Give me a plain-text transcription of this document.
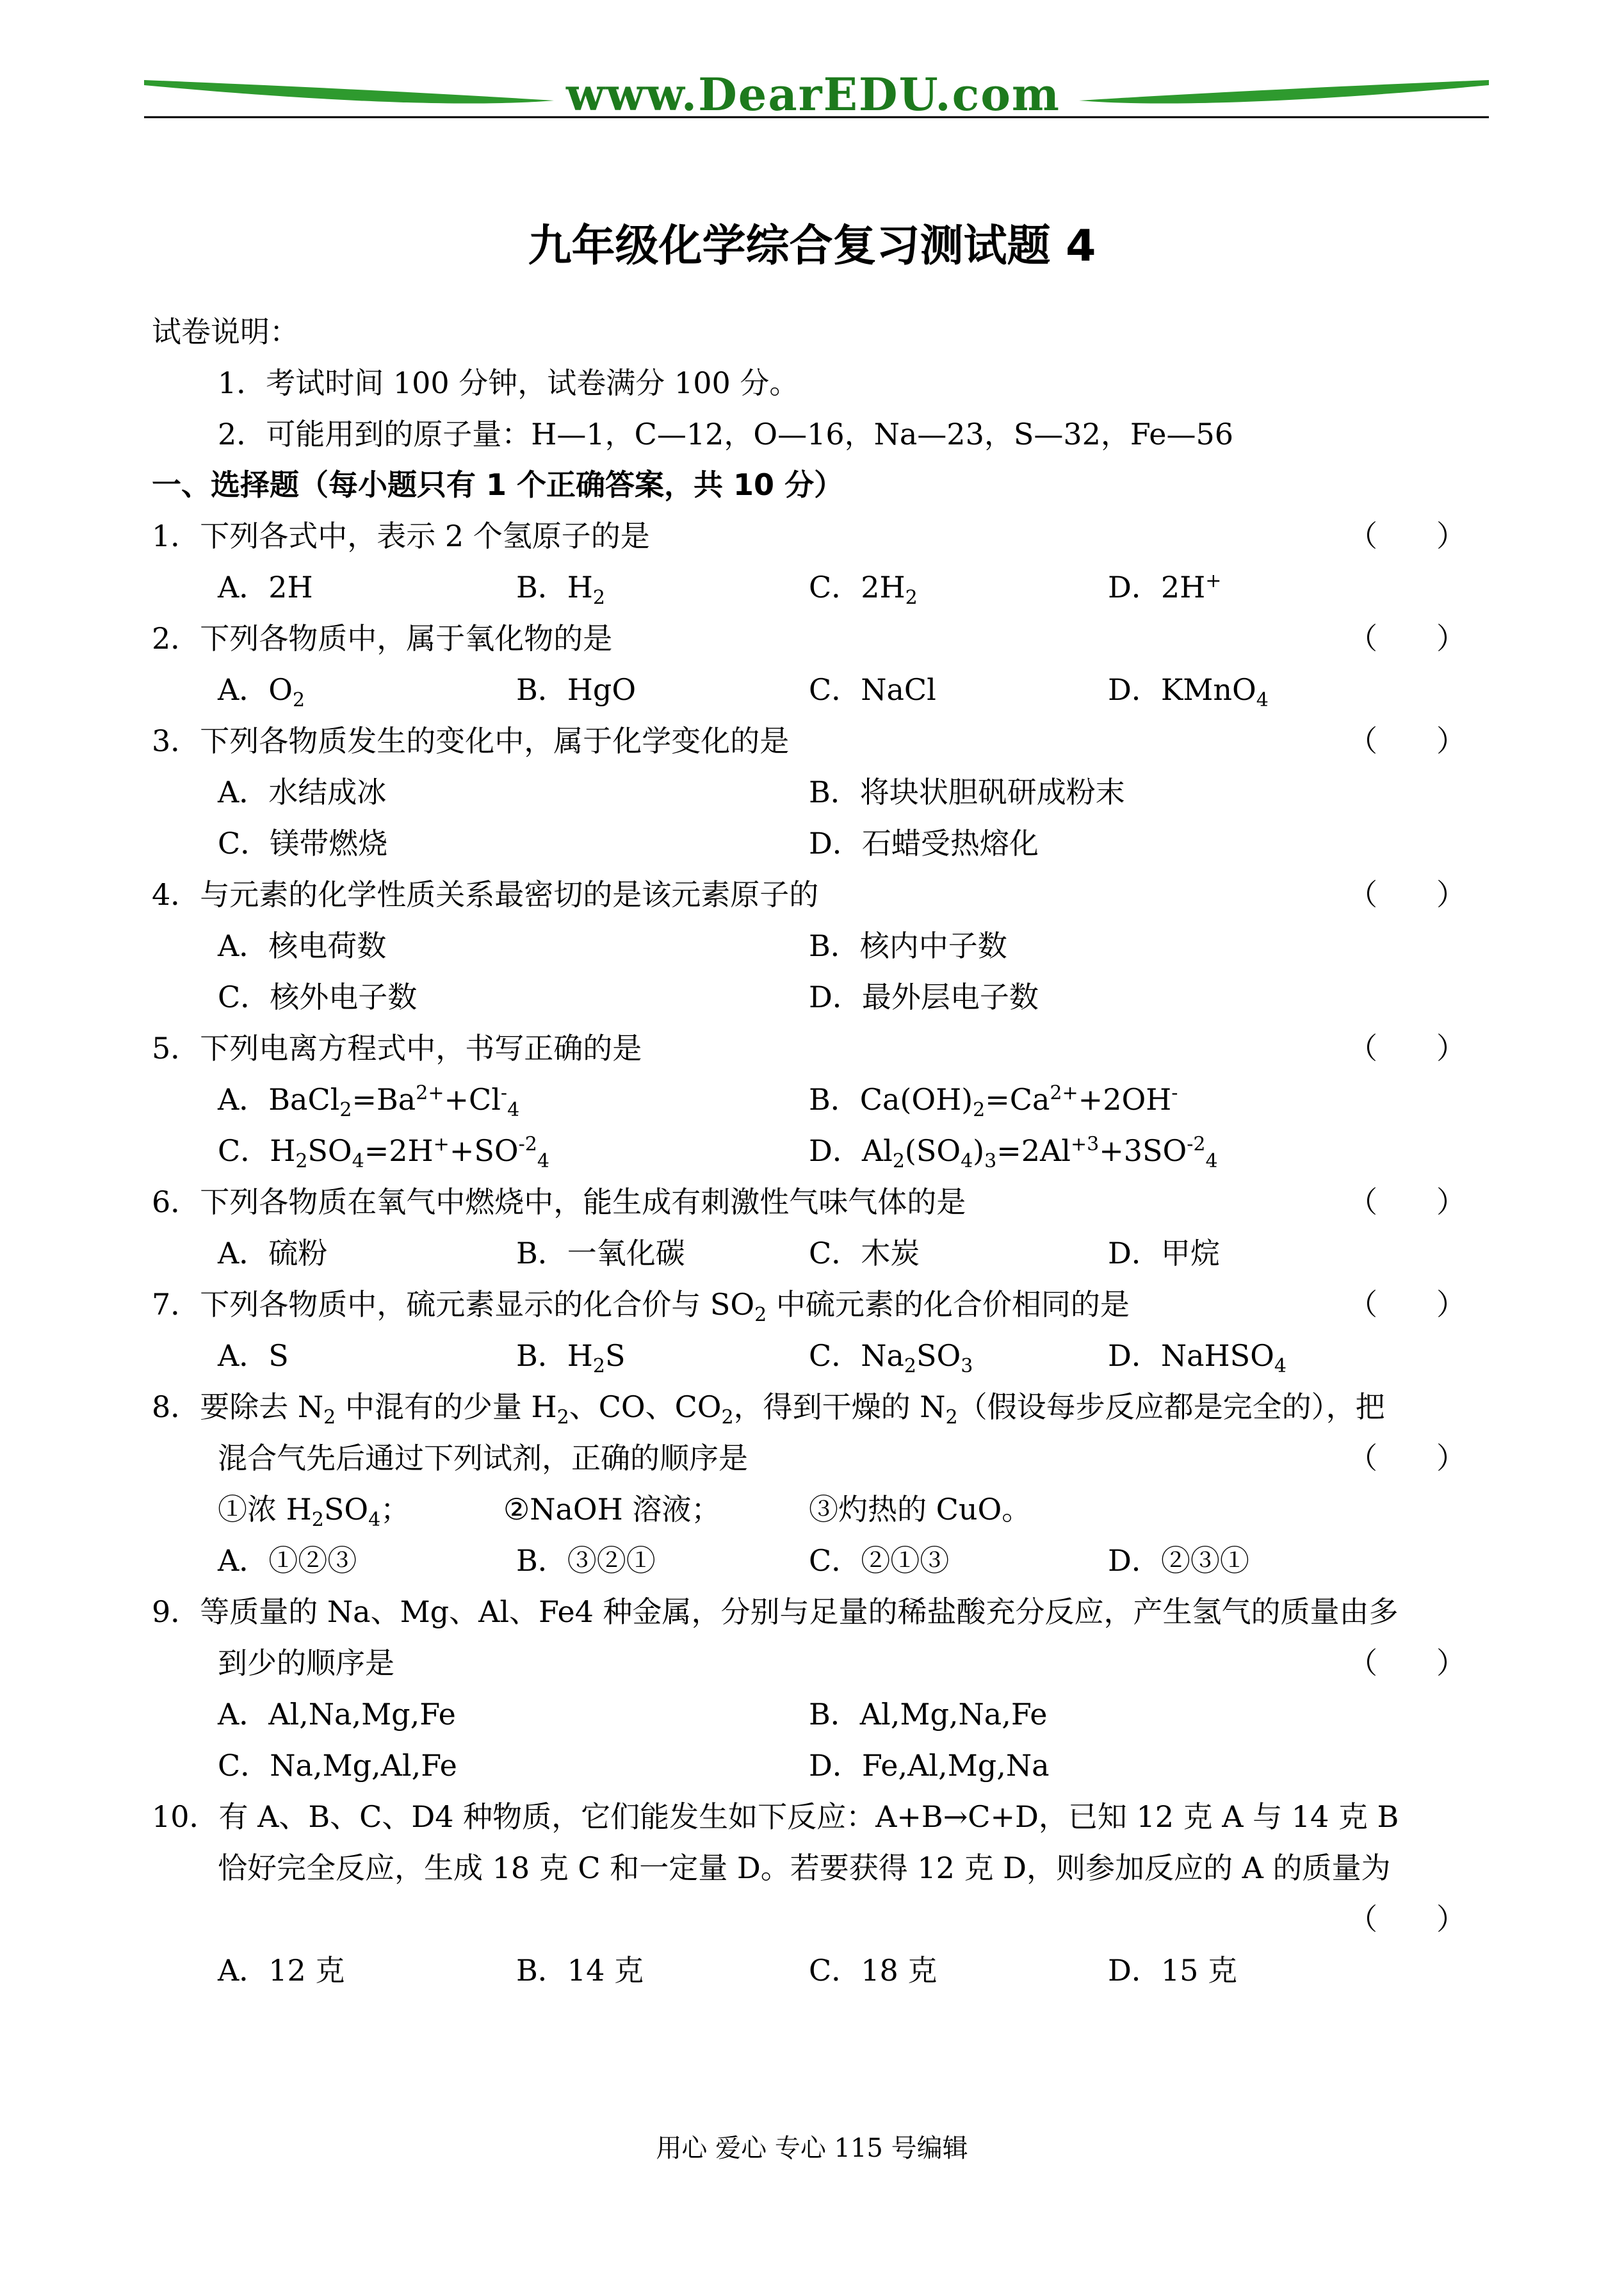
www.DearEDU.com
九年级化学综合复习测试题 4
试卷说明：
1．考试时间 100 分钟，试卷满分 100 分。
2．可能用到的原子量：H—1，C—12，O—16，Na—23，S—32，Fe—56
一、选择题（每小题只有 1 个正确答案，共 10 分）
1．下列各式中，表示 2 个氢原子的是	（　　）
A．2H	B．$H_2$	C．$2H_2$	D．2H+
2．下列各物质中，属于氧化物的是	（　　）
A．$O_2$	B．HgO	C．NaCl	D．KMnO$_4$
3．下列各物质发生的变化中，属于化学变化的是	（　　）
A．水结成冰	B．将块状胆矾研成粉末
C．镁带燃烧	D．石蜡受热熔化
4．与元素的化学性质关系最密切的是该元素原子的	（　　）
A．核电荷数	B．核内中子数
C．核外电子数	D．最外层电子数
5．下列电离方程式中，书写正确的是	（　　）
A．$BaCl_2=Ba^{2+}+Cl^-_4$	B．$Ca(OH)_2=Ca^{2+}+2OH^-$
C．$H_2SO_4=2H^++SO^{-2}_4$	D．$Al_2(SO_4)_3=2Al^{+3}+3SO^{-2}_4$
6．下列各物质在氧气中燃烧中，能生成有刺激性气味气体的是	（　　）
A．硫粉	B．一氧化碳	C．木炭	D．甲烷
7．下列各物质中，硫元素显示的化合价与 $SO_2$ 中硫元素的化合价相同的是	（　　）
A．S	B．$H_2S$	C．$Na_2SO_3$	D．NaHSO$_4$
8．要除去 $N_2$ 中混有的少量 $H_2$、CO、$CO_2$，得到干燥的 $N_2$（假设每步反应都是完全的），把
混合气先后通过下列试剂，正确的顺序是	（　　）
①浓 $H_2SO_4$；	②NaOH 溶液；	③灼热的 CuO。
A．①②③	B．③②①	C．②①③	D．②③①
9．等质量的 Na、Mg、Al、Fe4 种金属，分别与足量的稀盐酸充分反应，产生氢气的质量由多
到少的顺序是	（　　）
A．Al,Na,Mg,Fe	B．Al,Mg,Na,Fe
C．Na,Mg,Al,Fe	D．Fe,Al,Mg,Na
10．有 A、B、C、D4 种物质，它们能发生如下反应：A+B→C+D，已知 12 克 A 与 14 克 B
恰好完全反应，生成 18 克 C 和一定量 D。若要获得 12 克 D，则参加反应的 A 的质量为
（　　）
A．12 克	B．14 克	C．18 克	D．15 克
用心 爱心 专心 115 号编辑
